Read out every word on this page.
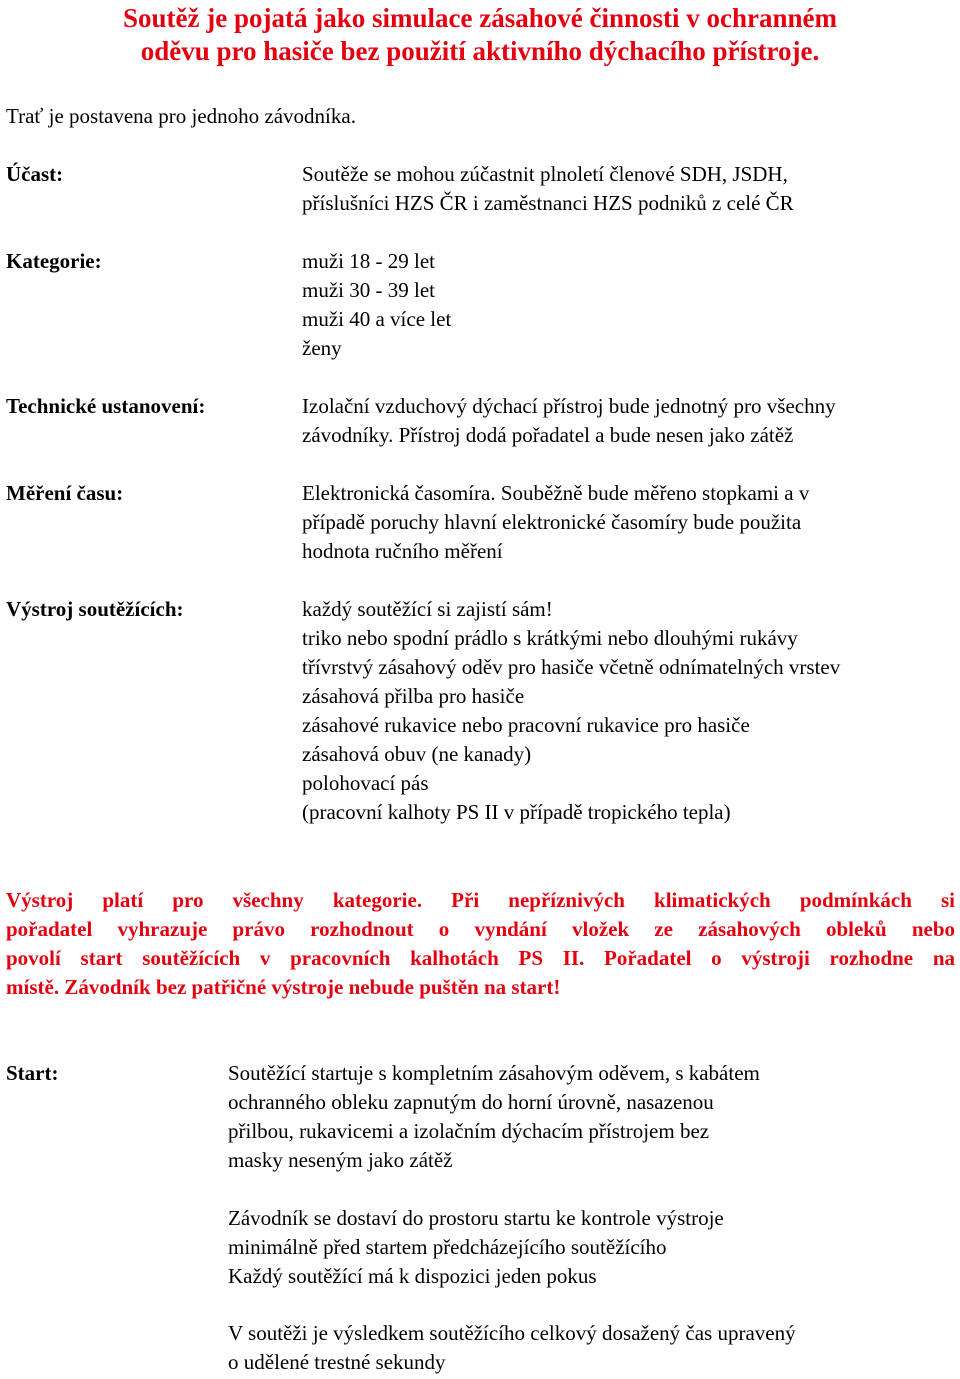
Soutěž je pojatá jako simulace zásahové činnosti v ochranném
oděvu pro hasiče bez použití aktivního dýchacího přístroje.
Trať je postavena pro jednoho závodníka.
Účast:	Soutěže se mohou zúčastnit plnoletí členové SDH, JSDH,
příslušníci HZS ČR i zaměstnanci HZS podniků z celé ČR
Kategorie:	muži 18 - 29 let
muži 30 - 39 let
muži 40 a více let
ženy
Technické ustanovení:	Izolační vzduchový dýchací přístroj bude jednotný pro všechny
závodníky. Přístroj dodá pořadatel a bude nesen jako zátěž
Měření času:	Elektronická časomíra. Souběžně bude měřeno stopkami a v
případě poruchy hlavní elektronické časomíry bude použita
hodnota ručního měření
Výstroj soutěžících:	každý soutěžící si zajistí sám!
triko nebo spodní prádlo s krátkými nebo dlouhými rukávy
třívrstvý zásahový oděv pro hasiče včetně odnímatelných vrstev
zásahová přilba pro hasiče
zásahové rukavice nebo pracovní rukavice pro hasiče
zásahová obuv (ne kanady)
polohovací pás
(pracovní kalhoty PS II v případě tropického tepla)
Výstroj platí pro všechny kategorie. Při nepříznivých klimatických podmínkách si
pořadatel vyhrazuje právo rozhodnout o vyndání vložek ze zásahových obleků nebo
povolí start soutěžících v pracovních kalhotách PS II. Pořadatel o výstroji rozhodne na
místě. Závodník bez patřičné výstroje nebude puštěn na start!
Start:	Soutěžící startuje s kompletním zásahovým oděvem, s kabátem
ochranného obleku zapnutým do horní úrovně, nasazenou
přilbou, rukavicemi a izolačním dýchacím přístrojem bez
masky neseným jako zátěž
Závodník se dostaví do prostoru startu ke kontrole výstroje
minimálně před startem předcházejícího soutěžícího
Každý soutěžící má k dispozici jeden pokus
V soutěži je výsledkem soutěžícího celkový dosažený čas upravený
o udělené trestné sekundy
